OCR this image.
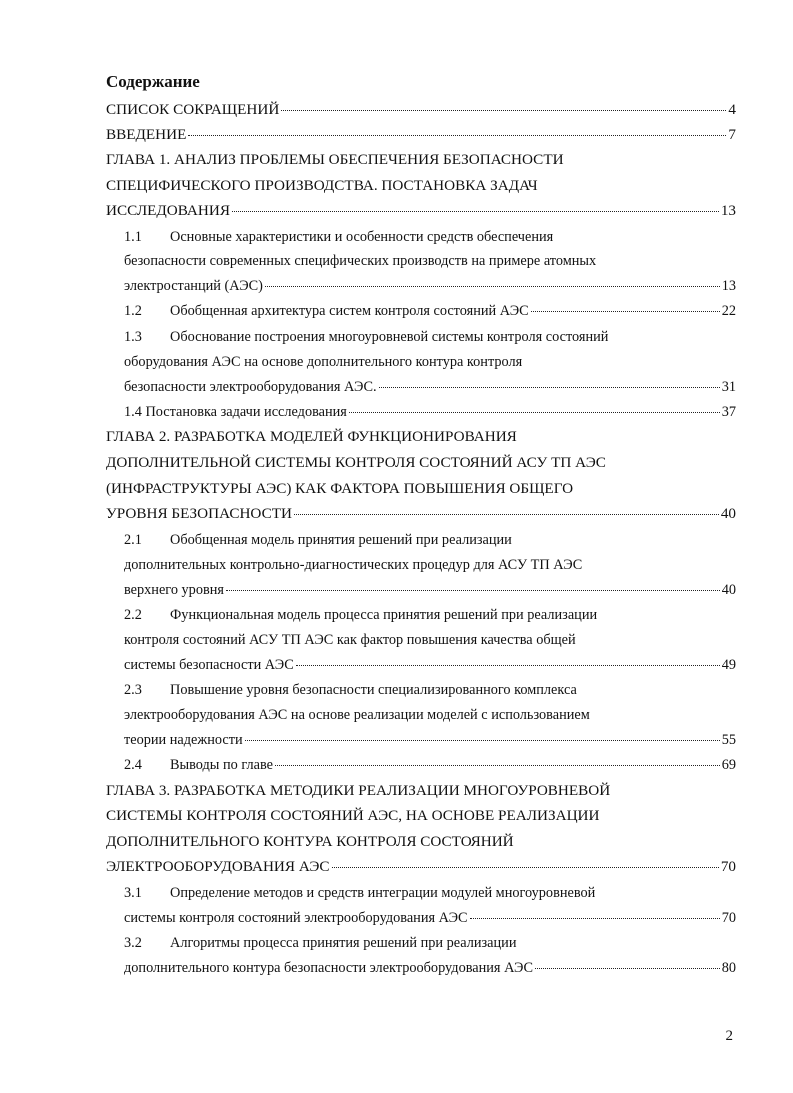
Содержание
СПИСОК СОКРАЩЕНИЙ	4
ВВЕДЕНИЕ	7
ГЛАВА 1. АНАЛИЗ ПРОБЛЕМЫ ОБЕСПЕЧЕНИЯ БЕЗОПАСНОСТИ
СПЕЦИФИЧЕСКОГО ПРОИЗВОДСТВА. ПОСТАНОВКА ЗАДАЧ
ИССЛЕДОВАНИЯ	13
1.1	Основные характеристики и особенности средств обеспечения
безопасности современных специфических производств на примере атомных
электростанций (АЭС)	13
1.2	Обобщенная архитектура систем контроля состояний АЭС	22
1.3	Обоснование построения многоуровневой системы контроля состояний
оборудования АЭС на основе дополнительного контура контроля
безопасности электрооборудования АЭС.	31
1.4 Постановка задачи исследования	37
ГЛАВА 2. РАЗРАБОТКА МОДЕЛЕЙ ФУНКЦИОНИРОВАНИЯ
ДОПОЛНИТЕЛЬНОЙ СИСТЕМЫ КОНТРОЛЯ СОСТОЯНИЙ АСУ ТП АЭС
(ИНФРАСТРУКТУРЫ АЭС) КАК ФАКТОРА ПОВЫШЕНИЯ ОБЩЕГО
УРОВНЯ БЕЗОПАСНОСТИ	40
2.1	Обобщенная модель принятия решений при реализации
дополнительных контрольно-диагностических процедур для АСУ ТП АЭС
верхнего уровня	40
2.2	Функциональная модель процесса принятия решений при реализации
контроля состояний АСУ ТП АЭС как фактор повышения качества общей
системы безопасности АЭС	49
2.3	Повышение уровня безопасности специализированного комплекса
электрооборудования АЭС на основе реализации моделей с использованием
теории надежности	55
2.4	Выводы по главе	69
ГЛАВА 3. РАЗРАБОТКА МЕТОДИКИ РЕАЛИЗАЦИИ МНОГОУРОВНЕВОЙ
СИСТЕМЫ КОНТРОЛЯ СОСТОЯНИЙ АЭС, НА ОСНОВЕ РЕАЛИЗАЦИИ
ДОПОЛНИТЕЛЬНОГО КОНТУРА КОНТРОЛЯ СОСТОЯНИЙ
ЭЛЕКТРООБОРУДОВАНИЯ АЭС	70
3.1	Определение методов и средств интеграции модулей многоуровневой
системы контроля состояний электрооборудования АЭС	70
3.2	Алгоритмы процесса принятия решений при реализации
дополнительного контура безопасности электрооборудования АЭС	80
2
